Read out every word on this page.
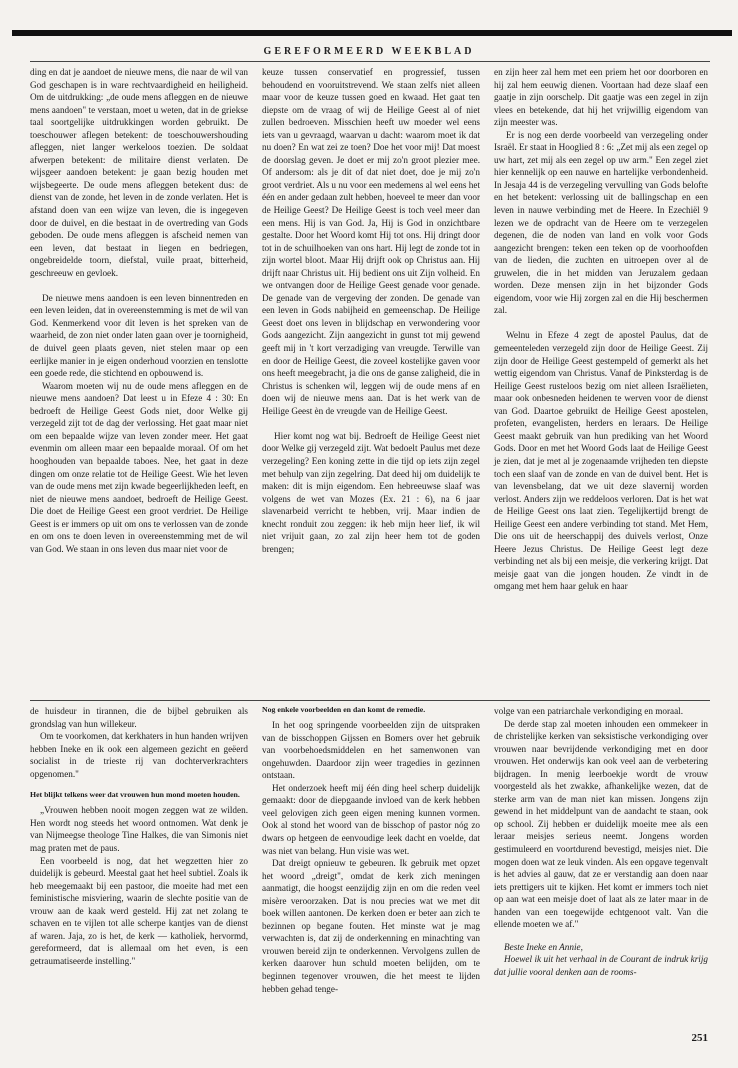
GEREFORMEERD WEEKBLAD

ding en dat je aandoet de nieuwe mens, die naar de wil van God geschapen is in ware rechtvaardigheid en heiligheid. Om de uitdrukking: „de oude mens afleggen en de nieuwe mens aandoen" te verstaan, moet u weten, dat in de griekse taal soortgelijke uitdrukkingen worden gebruikt. De toeschouwer aflegen betekent: de toeschouwershouding afleggen, niet langer werkeloos toezien. De soldaat afwerpen betekent: de militaire dienst verlaten. De wijsgeer aandoen betekent: je gaan bezig houden met wijsbegeerte. De oude mens afleggen betekent dus: de dienst van de zonde, het leven in de zonde verlaten. Het is afstand doen van een wijze van leven, die is ingegeven door de duivel, en die bestaat in de overtreding van Gods geboden. De oude mens afleggen is afscheid nemen van een leven, dat bestaat in liegen en bedriegen, ongebreidelde toorn, diefstal, vuile praat, bitterheid, geschreeuw en gevloek.

De nieuwe mens aandoen is een leven binnentreden en een leven leiden, dat in overeenstemming is met de wil van God. Kenmerkend voor dit leven is het spreken van de waarheid, de zon niet onder laten gaan over je toornigheid, de duivel geen plaats geven, niet stelen maar op een eerlijke manier in je eigen onderhoud voorzien en tenslotte een goede rede, die stichtend en opbouwend is.

Waarom moeten wij nu de oude mens afleggen en de nieuwe mens aandoen? Dat leest u in Efeze 4 : 30: En bedroeft de Heilige Geest Gods niet, door Welke gij verzegeld zijt tot de dag der verlossing. Het gaat maar niet om een bepaalde wijze van leven zonder meer. Het gaat evenmin om alleen maar een bepaalde moraal. Of om het hooghouden van bepaalde taboes. Nee, het gaat in deze dingen om onze relatie tot de Heilige Geest. Wie het leven van de oude mens met zijn kwade begeerlijkheden leeft, en niet de nieuwe mens aandoet, bedroeft de Heilige Geest. Die doet de Heilige Geest een groot verdriet. De Heilige Geest is er immers op uit om ons te verlossen van de zonde en om ons te doen leven in overeenstemming met de wil van God. We staan in ons leven dus maar niet voor de

keuze tussen conservatief en progressief, tussen behoudend en vooruitstrevend. We staan zelfs niet alleen maar voor de keuze tussen goed en kwaad. Het gaat ten diepste om de vraag of wij de Heilige Geest al of niet zullen bedroeven. Misschien heeft uw moeder wel eens iets van u gevraagd, waarvan u dacht: waarom moet ik dat nu doen? En wat zei ze toen? Doe het voor mij! Dat moest de doorslag geven. Je doet er mij zo'n groot plezier mee. Of andersom: als je dit of dat niet doet, doe je mij zo'n groot verdriet. Als u nu voor een medemens al wel eens het één en ander gedaan zult hebben, hoeveel te meer dan voor de Heilige Geest? De Heilige Geest is toch veel meer dan een mens. Hij is van God. Ja, Hij is God in onzichtbare gestalte. Door het Woord komt Hij tot ons. Hij dringt door tot in de schuilhoeken van ons hart. Hij legt de zonde tot in zijn wortel bloot. Maar Hij drijft ook op Christus aan. Hij drijft naar Christus uit. Hij bedient ons uit Zijn volheid. En we ontvangen door de Heilige Geest genade voor genade. De genade van de vergeving der zonden. De genade van een leven in Gods nabijheid en gemeenschap. De Heilige Geest doet ons leven in blijdschap en verwondering voor Gods aangezicht. Zijn aangezicht in gunst tot mij gewend geeft mij in 't kort verzadiging van vreugde. Terwille van en door de Heilige Geest, die zoveel kostelijke gaven voor ons heeft meegebracht, ja die ons de ganse zaligheid, die in Christus is schenken wil, leggen wij de oude mens af en doen wij de nieuwe mens aan. Dat is het werk van de Heilige Geest èn de vreugde van de Heilige Geest.

Hier komt nog wat bij. Bedroeft de Heilige Geest niet door Welke gij verzegeld zijt. Wat bedoelt Paulus met deze verzegeling? Een koning zette in die tijd op iets zijn zegel met behulp van zijn zegelring. Dat deed hij om duidelijk te maken: dit is mijn eigendom. Een hebreeuwse slaaf was volgens de wet van Mozes (Ex. 21 : 6), na 6 jaar slavenarbeid verricht te hebben, vrij. Maar indien de knecht ronduit zou zeggen: ik heb mijn heer lief, ik wil niet vrijuit gaan, zo zal zijn heer hem tot de goden brengen;

en zijn heer zal hem met een priem het oor doorboren en hij zal hem eeuwig dienen. Voortaan had deze slaaf een gaatje in zijn oorschelp. Dit gaatje was een zegel in zijn vlees en betekende, dat hij het vrijwillig eigendom van zijn meester was.

Er is nog een derde voorbeeld van verzegeling onder Israël. Er staat in Hooglied 8 : 6: „Zet mij als een zegel op uw hart, zet mij als een zegel op uw arm." Een zegel ziet hier kennelijk op een nauwe en hartelijke verbondenheid. In Jesaja 44 is de verzegeling vervulling van Gods belofte en het betekent: verlossing uit de ballingschap en een leven in nauwe verbinding met de Heere. In Ezechiël 9 lezen we de opdracht van de Heere om te verzegelen degenen, die de noden van land en volk voor Gods aangezicht brengen: teken een teken op de voorhoofden van de lieden, die zuchten en uitroepen over al de gruwelen, die in het midden van Jeruzalem gedaan worden. Deze mensen zijn in het bijzonder Gods eigendom, voor wie Hij zorgen zal en die Hij beschermen zal.

Welnu in Efeze 4 zegt de apostel Paulus, dat de gemeenteleden verzegeld zijn door de Heilige Geest. Zij zijn door de Heilige Geest gestempeld of gemerkt als het wettig eigendom van Christus. Vanaf de Pinksterdag is de Heilige Geest rusteloos bezig om niet alleen Israëlieten, maar ook onbesneden heidenen te werven voor de dienst van God. Daartoe gebruikt de Heilige Geest apostelen, profeten, evangelisten, herders en leraars. De Heilige Geest maakt gebruik van hun prediking van het Woord Gods. Door en met het Woord Gods laat de Heilige Geest je zien, dat je met al je zogenaamde vrijheden ten diepste toch een slaaf van de zonde en van de duivel bent. Het is van levensbelang, dat we uit deze slavernij worden verlost. Anders zijn we reddeloos verloren. Dat is het wat de Heilige Geest ons laat zien. Tegelijkertijd brengt de Heilige Geest een andere verbinding tot stand. Met Hem, Die ons uit de heerschappij des duivels verlost, Onze Heere Jezus Christus. De Heilige Geest legt deze verbinding net als bij een meisje, die verkering krijgt. Dat meisje gaat van die jongen houden. Ze vindt in de omgang met hem haar geluk en haar

de huisdeur in tirannen, die de bijbel gebruiken als grondslag van hun willekeur.

Om te voorkomen, dat kerkhaters in hun handen wrijven hebben Ineke en ik ook een algemeen gezicht en geëerd socialist in de trieste rij van dochterverkrachters opgenomen."

Het blijkt telkens weer dat vrouwen hun mond moeten houden.

„Vrouwen hebben nooit mogen zeggen wat ze wilden. Hen wordt nog steeds het woord ontnomen. Wat denk je van Nijmeegse theologe Tine Halkes, die van Simonis niet mag praten met de paus.

Een voorbeeld is nog, dat het wegzetten hier zo duidelijk is gebeurd. Meestal gaat het heel subtiel. Zoals ik heb meegemaakt bij een pastoor, die moeite had met een feministische misviering, waarin de slechte positie van de vrouw aan de kaak werd gesteld. Hij zat net zolang te schaven en te vijlen tot alle scherpe kantjes van de dienst af waren. Jaja, zo is het, de kerk — katholiek, hervormd, gereformeerd, dat is allemaal om het even, is een getraumatiseerde instelling."

Nog enkele voorbeelden en dan komt de remedie.

In het oog springende voorbeelden zijn de uitspraken van de bisschoppen Gijssen en Bomers over het gebruik van voorbehoedsmiddelen en het samenwonen van ongehuwden. Daardoor zijn weer tragedies in gezinnen ontstaan.

Het onderzoek heeft mij één ding heel scherp duidelijk gemaakt: door de diepgaande invloed van de kerk hebben veel gelovigen zich geen eigen mening kunnen vormen. Ook al stond het woord van de bisschop of pastor nóg zo dwars op hetgeen de eenvoudige leek dacht en voelde, dat was niet van belang. Hun visie was wet.

Dat dreigt opnieuw te gebeuren. Ik gebruik met opzet het woord „dreigt", omdat de kerk zich meningen aanmatigt, die hoogst eenzijdig zijn en om die reden veel misère veroorzaken. Dat is nou precies wat we met dit boek willen aantonen. De kerken doen er beter aan zich te bezinnen op begane fouten. Het minste wat je mag verwachten is, dat zij de onderkenning en minachting van vrouwen bereid zijn te onderkennen. Vervolgens zullen de kerken daarover hun schuld moeten belijden, om te beginnen tegenover vrouwen, die het meest te lijden hebben gehad tenge-

volge van een patriarchale verkondiging en moraal.

De derde stap zal moeten inhouden een ommekeer in de christelijke kerken van seksistische verkondiging over vrouwen naar bevrijdende verkondiging met en door vrouwen. Het onderwijs kan ook veel aan de verbetering bijdragen. In menig leerboekje wordt de vrouw voorgesteld als het zwakke, afhankelijke wezen, dat de sterke arm van de man niet kan missen. Jongens zijn gewend in het middelpunt van de aandacht te staan, ook op school. Zij hebben er duidelijk moeite mee als een leraar meisjes serieus neemt. Jongens worden gestimuleerd en voortdurend bevestigd, meisjes niet. Die mogen doen wat ze leuk vinden. Als een opgave tegenvalt is het advies al gauw, dat ze er verstandig aan doen naar iets prettigers uit te kijken. Het komt er immers toch niet op aan wat een meisje doet of laat als ze later maar in de handen van een toegewijde echtgenoot valt. Van die ellende moeten we af."

Beste Ineke en Annie,

Hoewel ik uit het verhaal in de Courant de indruk krijg dat jullie vooral denken aan de rooms-

251
